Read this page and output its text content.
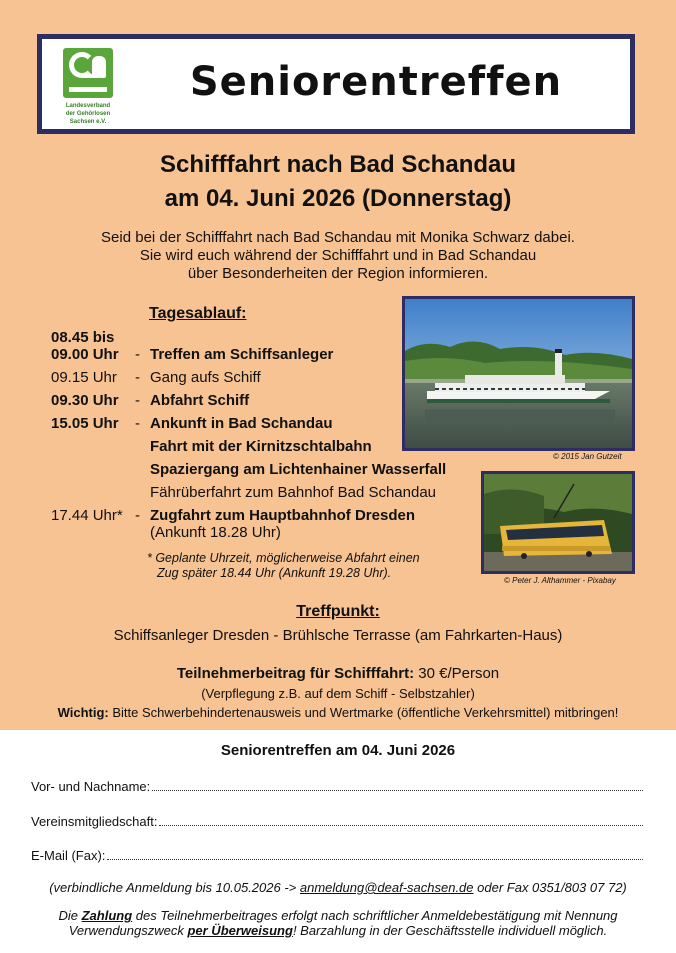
Landesverband
der Gehörlosen
Sachsen e.V.
Seniorentreffen
Schifffahrt nach Bad Schandau
am 04. Juni 2026 (Donnerstag)
Seid bei der Schifffahrt nach Bad Schandau mit Monika Schwarz dabei.
Sie wird euch während der Schifffahrt und in Bad Schandau
über Besonderheiten der Region informieren.
Tagesablauf:
08.45 bis
09.00 Uhr - Treffen am Schiffsanleger
09.15 Uhr - Gang aufs Schiff
09.30 Uhr - Abfahrt Schiff
15.05 Uhr - Ankunft in Bad Schandau
Fahrt mit der Kirnitzschtalbahn
Spaziergang am Lichtenhainer Wasserfall
Fährüberfahrt zum Bahnhof Bad Schandau
17.44 Uhr* - Zugfahrt zum Hauptbahnhof Dresden
(Ankunft 18.28 Uhr)
* Geplante Uhrzeit, möglicherweise Abfahrt einen
Zug später 18.44 Uhr (Ankunft 19.28 Uhr).
© 2015 Jan Gutzeit
© Peter J. Althammer - Pixabay
Treffpunkt:
Schiffsanleger Dresden - Brühlsche Terrasse (am Fahrkarten-Haus)
Teilnehmerbeitrag für Schifffahrt: 30 €/Person
(Verpflegung z.B. auf dem Schiff - Selbstzahler)
Wichtig: Bitte Schwerbehindertenausweis und Wertmarke (öffentliche Verkehrsmittel) mitbringen!
Seniorentreffen am 04. Juni 2026
Vor- und Nachname:
Vereinsmitgliedschaft:
E-Mail (Fax):
(verbindliche Anmeldung bis 10.05.2026 -> anmeldung@deaf-sachsen.de oder Fax 0351/803 07 72)
Die Zahlung des Teilnehmerbeitrages erfolgt nach schriftlicher Anmeldebestätigung mit Nennung
Verwendungszweck per Überweisung! Barzahlung in der Geschäftsstelle individuell möglich.
